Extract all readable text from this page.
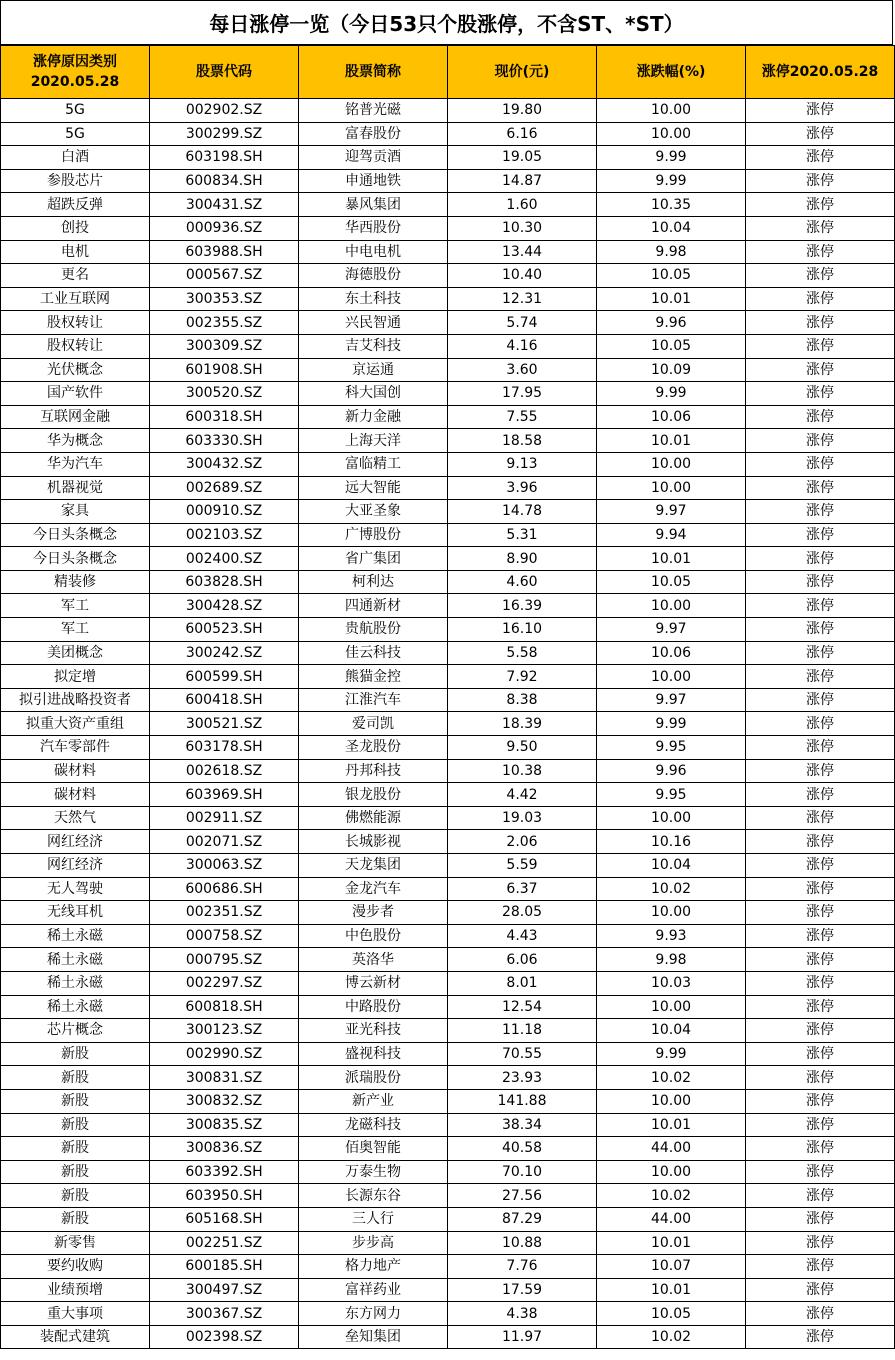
每日涨停一览（今日53只个股涨停，不含ST、*ST）
涨停原因类别
2020.05.28	股票代码	股票简称	现价(元)	涨跌幅(%)	涨停2020.05.28
5G	002902.SZ	铭普光磁	19.80	10.00	涨停
5G	300299.SZ	富春股份	6.16	10.00	涨停
白酒	603198.SH	迎驾贡酒	19.05	9.99	涨停
参股芯片	600834.SH	申通地铁	14.87	9.99	涨停
超跌反弹	300431.SZ	暴风集团	1.60	10.35	涨停
创投	000936.SZ	华西股份	10.30	10.04	涨停
电机	603988.SH	中电电机	13.44	9.98	涨停
更名	000567.SZ	海德股份	10.40	10.05	涨停
工业互联网	300353.SZ	东土科技	12.31	10.01	涨停
股权转让	002355.SZ	兴民智通	5.74	9.96	涨停
股权转让	300309.SZ	吉艾科技	4.16	10.05	涨停
光伏概念	601908.SH	京运通	3.60	10.09	涨停
国产软件	300520.SZ	科大国创	17.95	9.99	涨停
互联网金融	600318.SH	新力金融	7.55	10.06	涨停
华为概念	603330.SH	上海天洋	18.58	10.01	涨停
华为汽车	300432.SZ	富临精工	9.13	10.00	涨停
机器视觉	002689.SZ	远大智能	3.96	10.00	涨停
家具	000910.SZ	大亚圣象	14.78	9.97	涨停
今日头条概念	002103.SZ	广博股份	5.31	9.94	涨停
今日头条概念	002400.SZ	省广集团	8.90	10.01	涨停
精装修	603828.SH	柯利达	4.60	10.05	涨停
军工	300428.SZ	四通新材	16.39	10.00	涨停
军工	600523.SH	贵航股份	16.10	9.97	涨停
美团概念	300242.SZ	佳云科技	5.58	10.06	涨停
拟定增	600599.SH	熊猫金控	7.92	10.00	涨停
拟引进战略投资者	600418.SH	江淮汽车	8.38	9.97	涨停
拟重大资产重组	300521.SZ	爱司凯	18.39	9.99	涨停
汽车零部件	603178.SH	圣龙股份	9.50	9.95	涨停
碳材料	002618.SZ	丹邦科技	10.38	9.96	涨停
碳材料	603969.SH	银龙股份	4.42	9.95	涨停
天然气	002911.SZ	佛燃能源	19.03	10.00	涨停
网红经济	002071.SZ	长城影视	2.06	10.16	涨停
网红经济	300063.SZ	天龙集团	5.59	10.04	涨停
无人驾驶	600686.SH	金龙汽车	6.37	10.02	涨停
无线耳机	002351.SZ	漫步者	28.05	10.00	涨停
稀土永磁	000758.SZ	中色股份	4.43	9.93	涨停
稀土永磁	000795.SZ	英洛华	6.06	9.98	涨停
稀土永磁	002297.SZ	博云新材	8.01	10.03	涨停
稀土永磁	600818.SH	中路股份	12.54	10.00	涨停
芯片概念	300123.SZ	亚光科技	11.18	10.04	涨停
新股	002990.SZ	盛视科技	70.55	9.99	涨停
新股	300831.SZ	派瑞股份	23.93	10.02	涨停
新股	300832.SZ	新产业	141.88	10.00	涨停
新股	300835.SZ	龙磁科技	38.34	10.01	涨停
新股	300836.SZ	佰奥智能	40.58	44.00	涨停
新股	603392.SH	万泰生物	70.10	10.00	涨停
新股	603950.SH	长源东谷	27.56	10.02	涨停
新股	605168.SH	三人行	87.29	44.00	涨停
新零售	002251.SZ	步步高	10.88	10.01	涨停
要约收购	600185.SH	格力地产	7.76	10.07	涨停
业绩预增	300497.SZ	富祥药业	17.59	10.01	涨停
重大事项	300367.SZ	东方网力	4.38	10.05	涨停
装配式建筑	002398.SZ	垒知集团	11.97	10.02	涨停
